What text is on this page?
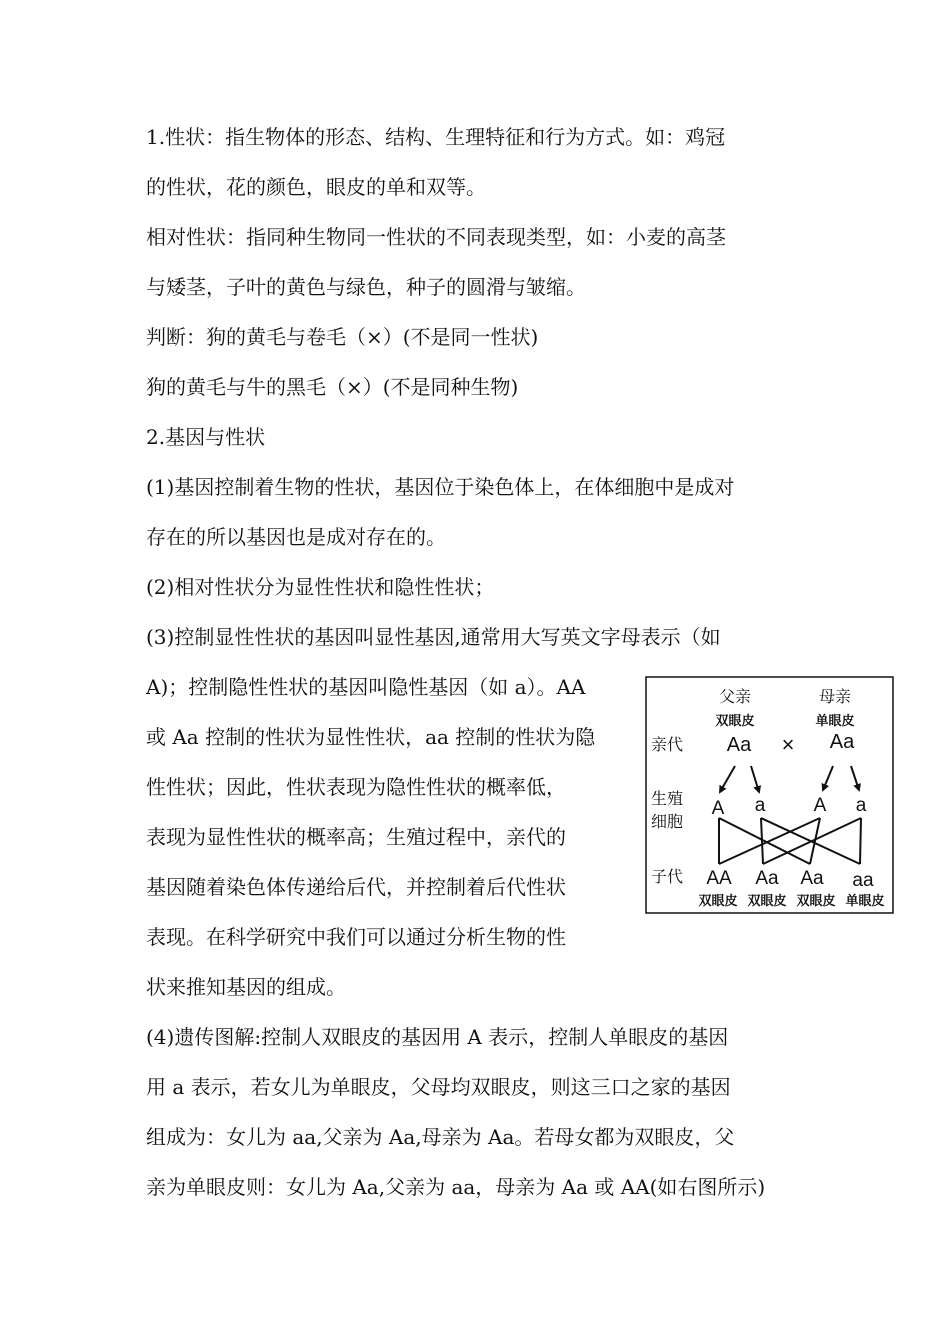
1.性状：指生物体的形态、结构、生理特征和行为方式。如：鸡冠
的性状，花的颜色，眼皮的单和双等。
相对性状：指同种生物同一性状的不同表现类型，如：小麦的高茎
与矮茎，子叶的黄色与绿色，种子的圆滑与皱缩。
判断：狗的黄毛与卷毛（×）(不是同一性状)
狗的黄毛与牛的黑毛（×）(不是同种生物)
2.基因与性状
(1)基因控制着生物的性状，基因位于染色体上，在体细胞中是成对
存在的所以基因也是成对存在的。
(2)相对性状分为显性性状和隐性性状；
(3)控制显性性状的基因叫显性基因,通常用大写英文字母表示（如
A)；控制隐性性状的基因叫隐性基因（如 a）。AA
或 Aa 控制的性状为显性性状，aa 控制的性状为隐
性性状；因此，性状表现为隐性性状的概率低，
表现为显性性状的概率高；生殖过程中，亲代的
基因随着染色体传递给后代，并控制着后代性状
表现。在科学研究中我们可以通过分析生物的性
状来推知基因的组成。
(4)遗传图解:控制人双眼皮的基因用 A 表示，控制人单眼皮的基因
用 a 表示，若女儿为单眼皮，父母均双眼皮，则这三口之家的基因
组成为：女儿为 aa,父亲为 Aa,母亲为 Aa。若母女都为双眼皮，父
亲为单眼皮则：女儿为 Aa,父亲为 aa，母亲为 Aa 或 AA(如右图所示)
父亲	母亲
双眼皮	单眼皮
亲代
生殖
细胞
子代
Aa × Aa
A a	A a
AA Aa Aa aa
双眼皮 双眼皮 双眼皮 单眼皮
